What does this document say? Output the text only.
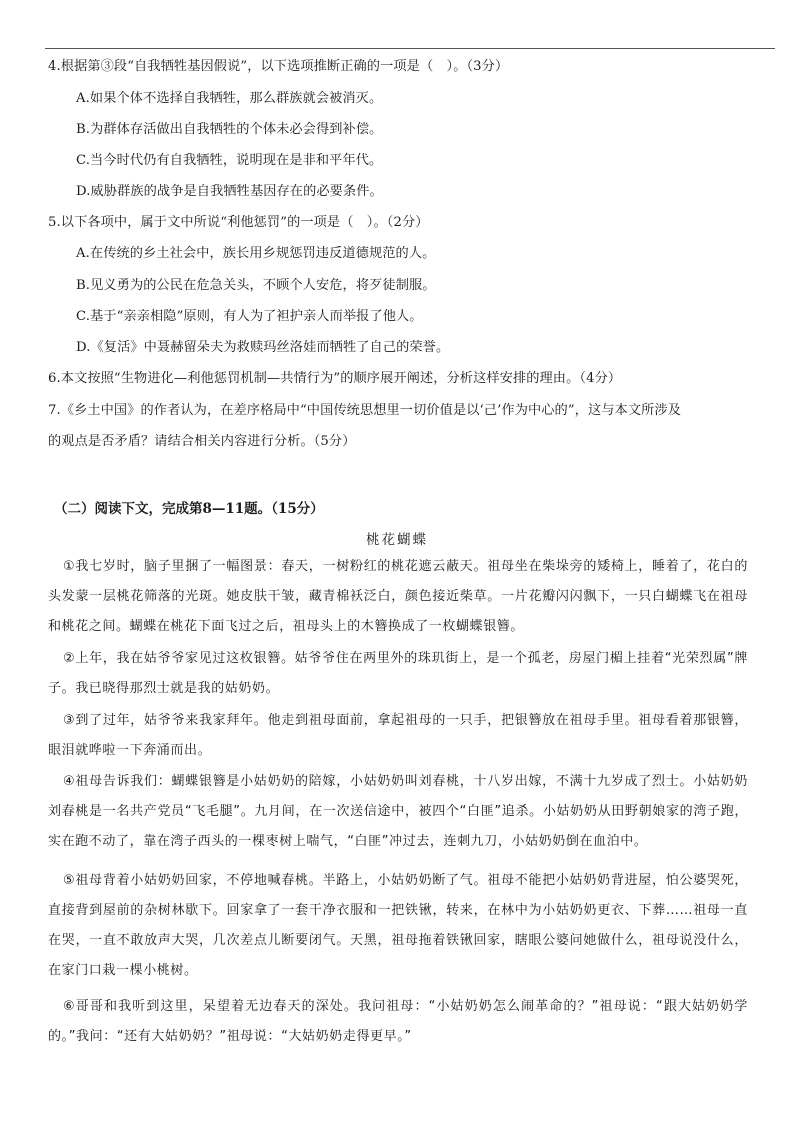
4.根据第③段“自我牺牲基因假说”，以下选项推断正确的一项是（　）。（3分）
A.如果个体不选择自我牺牲，那么群族就会被消灭。
B.为群体存活做出自我牺牲的个体未必会得到补偿。
C.当今时代仍有自我牺牲，说明现在是非和平年代。
D.威胁群族的战争是自我牺牲基因存在的必要条件。
5.以下各项中，属于文中所说“利他惩罚”的一项是（　）。（2分）
A.在传统的乡土社会中，族长用乡规惩罚违反道德规范的人。
B.见义勇为的公民在危急关头，不顾个人安危，将歹徒制服。
C.基于“亲亲相隐”原则，有人为了袒护亲人而举报了他人。
D.《复活》中聂赫留朵夫为救赎玛丝洛娃而牺牲了自己的荣誉。
6.本文按照“生物进化—利他惩罚机制—共情行为”的顺序展开阐述，分析这样安排的理由。（4分）
7.《乡土中国》的作者认为，在差序格局中“中国传统思想里一切价值是以‘己’作为中心的”，这与本文所涉及
的观点是否矛盾？请结合相关内容进行分析。（5分）
（二）阅读下文，完成第8—11题。（15分）
桃花蝴蝶
①我七岁时，脑子里捆了一幅图景：春天，一树粉红的桃花遮云蔽天。祖母坐在柴垛旁的矮椅上，睡着了，花白的头发蒙一层桃花筛落的光斑。她皮肤干皱，藏青棉袄泛白，颜色接近柴草。一片花瓣闪闪飘下，一只白蝴蝶飞在祖母和桃花之间。蝴蝶在桃花下面飞过之后，祖母头上的木簪换成了一枚蝴蝶银簪。
②上年，我在姑爷爷家见过这枚银簪。姑爷爷住在两里外的珠玑街上，是一个孤老，房屋门楣上挂着“光荣烈属”牌子。我已晓得那烈士就是我的姑奶奶。
③到了过年，姑爷爷来我家拜年。他走到祖母面前，拿起祖母的一只手，把银簪放在祖母手里。祖母看着那银簪，眼泪就哗啦一下奔涌而出。
④祖母告诉我们：蝴蝶银簪是小姑奶奶的陪嫁，小姑奶奶叫刘春桃，十八岁出嫁，不满十九岁成了烈士。小姑奶奶刘春桃是一名共产党员“飞毛腿”。九月间，在一次送信途中，被四个“白匪”追杀。小姑奶奶从田野朝娘家的湾子跑，实在跑不动了，靠在湾子西头的一棵枣树上喘气，“白匪”冲过去，连刺九刀，小姑奶奶倒在血泊中。
⑤祖母背着小姑奶奶回家，不停地喊春桃。半路上，小姑奶奶断了气。祖母不能把小姑奶奶背进屋，怕公婆哭死，直接背到屋前的杂树林歇下。回家拿了一套干净衣服和一把铁锹，转来，在林中为小姑奶奶更衣、下葬……祖母一直在哭，一直不敢放声大哭，几次差点儿断要闭气。天黑，祖母拖着铁锹回家，瞎眼公婆问她做什么，祖母说没什么，在家门口栽一棵小桃树。
⑥哥哥和我听到这里，呆望着无边春天的深处。我问祖母：“小姑奶奶怎么闹革命的？”祖母说：“跟大姑奶奶学的。”我问：“还有大姑奶奶？”祖母说：“大姑奶奶走得更早。”
